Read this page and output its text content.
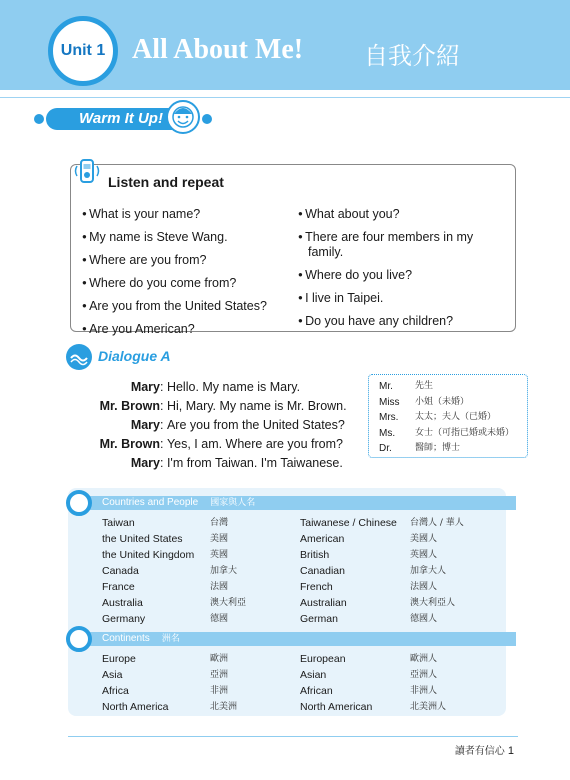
Unit 1 All About Me!	自我介紹
Warm It Up!
Listen and repeat
● What is your name?
● My name is Steve Wang.
● Where are you from?
● Where do you come from?
● Are you from the United States?
● Are you American?
● What about you?
● There are four members in my family.
● Where do you live?
● I live in Taipei.
● Do you have any children?
Dialogue A
Mary : Hello. My name is Mary.
Mr. Brown : Hi, Mary. My name is Mr. Brown.
Mary : Are you from the United States?
Mr. Brown : Yes, I am. Where are you from?
Mary : I'm from Taiwan. I'm Taiwanese.
Mr.	先生
Miss	小姐（未婚）
Mrs.	太太；夫人（已婚）
Ms.	女士（可指已婚或未婚）
Dr.	醫師；博士
Countries and People 國家與人名
Taiwan	台灣	Taiwanese / Chinese	台灣人 / 華人
the United States	美國	American	美國人
the United Kingdom	英國	British	英國人
Canada	加拿大	Canadian	加拿大人
France	法國	French	法國人
Australia	澳大利亞	Australian	澳大利亞人
Germany	德國	German	德國人
Continents 洲名
Europe	歐洲	European	歐洲人
Asia	亞洲	Asian	亞洲人
Africa	非洲	African	非洲人
North America	北美洲	North American	北美洲人
讀者有信心 1
